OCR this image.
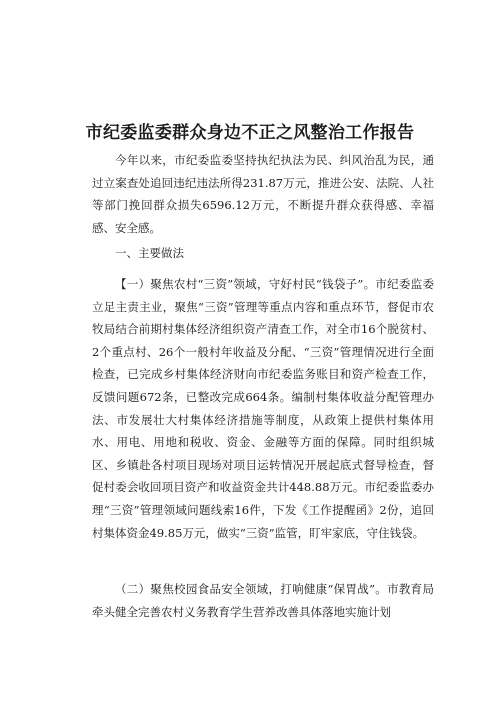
市纪委监委群众身边不正之风整治工作报告

今年以来，市纪委监委坚持执纪执法为民、纠风治乱为民，通过立案查处追回违纪违法所得231.87万元，推进公安、法院、人社等部门挽回群众损失6596.12万元，不断提升群众获得感、幸福感、安全感。

一、主要做法

【一）聚焦农村“三资”领域，守好村民“钱袋子”。市纪委监委立足主责主业，聚焦“三资”管理等重点内容和重点环节，督促市农牧局结合前期村集体经济组织资产清查工作，对全市16个脱贫村、2个重点村、26个一般村年收益及分配、“三资”管理情况进行全面检查，已完成乡村集体经济财向市纪委监务账目和资产检查工作，反馈问题672条，已整改完成664条。编制村集体收益分配管理办法、市发展壮大村集体经济措施等制度，从政策上提供村集体用水、用电、用地和税收、资金、金融等方面的保障。同时组织城区、乡镇赴各村项目现场对项目运转情况开展起底式督导检查，督促村委会收回项目资产和收益资金共计448.88万元。市纪委监委办理“三资”管理领域问题线索16件，下发《工作提醒函》2份，追回村集体资金49.85万元，做实“三资”监管，盯牢家底，守住钱袋。

（二）聚焦校园食品安全领域，打响健康“保胃战”。市教育局牵头健全完善农村义务教育学生营养改善具体落地实施计划
